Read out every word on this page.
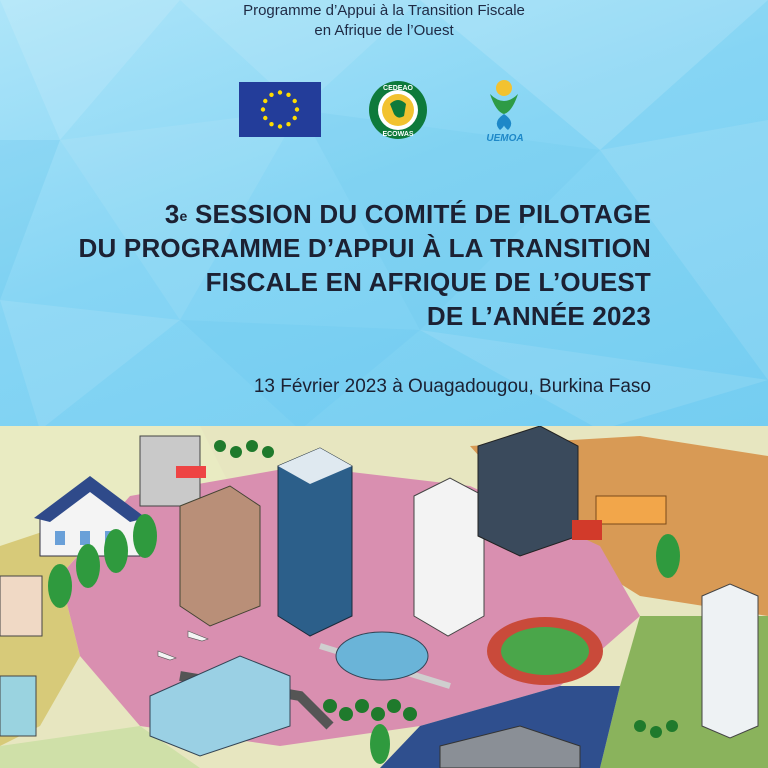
Programme d’Appui à la Transition Fiscale
en Afrique de l’Ouest
CEDEAO
ECOWAS	UEMOA
3e SESSION DU COMITÉ DE PILOTAGE
DU PROGRAMME D’APPUI À LA TRANSITION
FISCALE EN AFRIQUE DE L’OUEST
DE L’ANNÉE 2023
13 Février 2023 à Ouagadougou, Burkina Faso
